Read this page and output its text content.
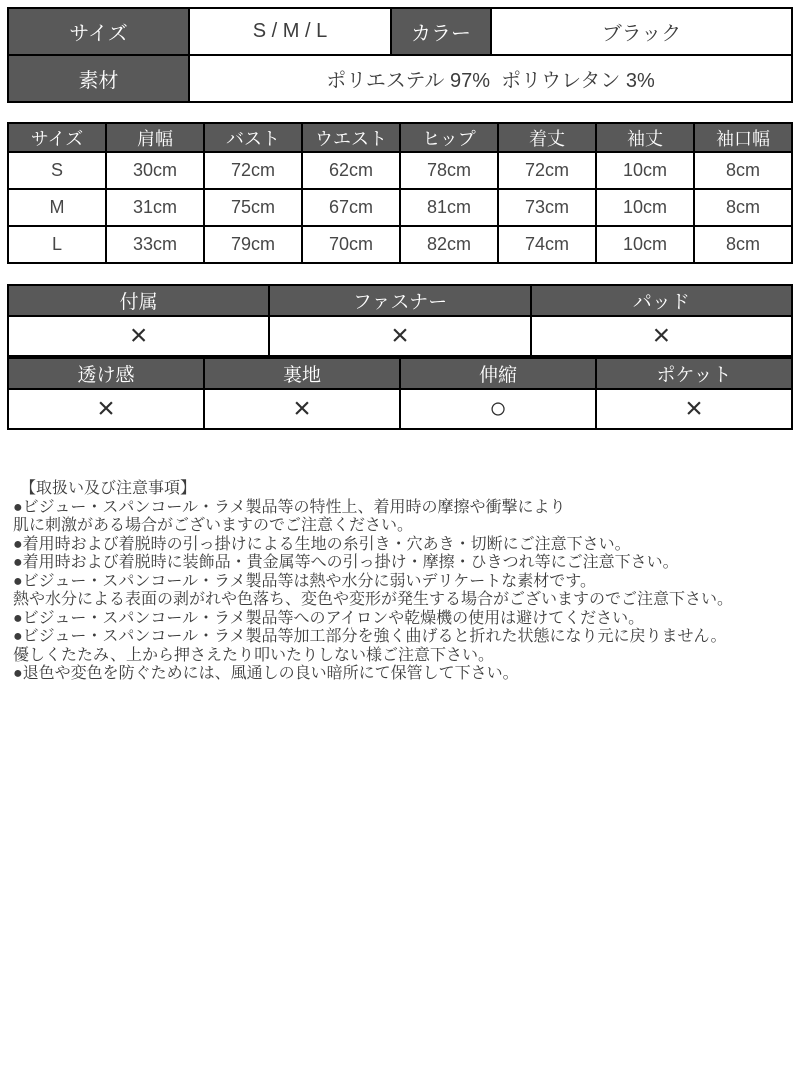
サイズ	S / M / L	カラー	ブラック
素材	ポリエステル 97%  ポリウレタン 3%		
サイズ	肩幅	バスト	ウエスト	ヒップ	着丈	袖丈	袖口幅
S	30cm	72cm	62cm	78cm	72cm	10cm	8cm
M	31cm	75cm	67cm	81cm	73cm	10cm	8cm
L	33cm	79cm	70cm	82cm	74cm	10cm	8cm
付属	ファスナー	パッド
×	×	×
透け感	裏地	伸縮	ポケット
×	×	○	×
【取扱い及び注意事項】
●ビジュー・スパンコール・ラメ製品等の特性上、着用時の摩擦や衝撃により
肌に刺激がある場合がございますのでご注意ください。
●着用時および着脱時の引っ掛けによる生地の糸引き・穴あき・切断にご注意下さい。
●着用時および着脱時に装飾品・貴金属等への引っ掛け・摩擦・ひきつれ等にご注意下さい。
●ビジュー・スパンコール・ラメ製品等は熱や水分に弱いデリケートな素材です。
熱や水分による表面の剥がれや色落ち、変色や変形が発生する場合がございますのでご注意下さい。
●ビジュー・スパンコール・ラメ製品等へのアイロンや乾燥機の使用は避けてください。
●ビジュー・スパンコール・ラメ製品等加工部分を強く曲げると折れた状態になり元に戻りません。
優しくたたみ、上から押さえたり叩いたりしない様ご注意下さい。
●退色や変色を防ぐためには、風通しの良い暗所にて保管して下さい。
